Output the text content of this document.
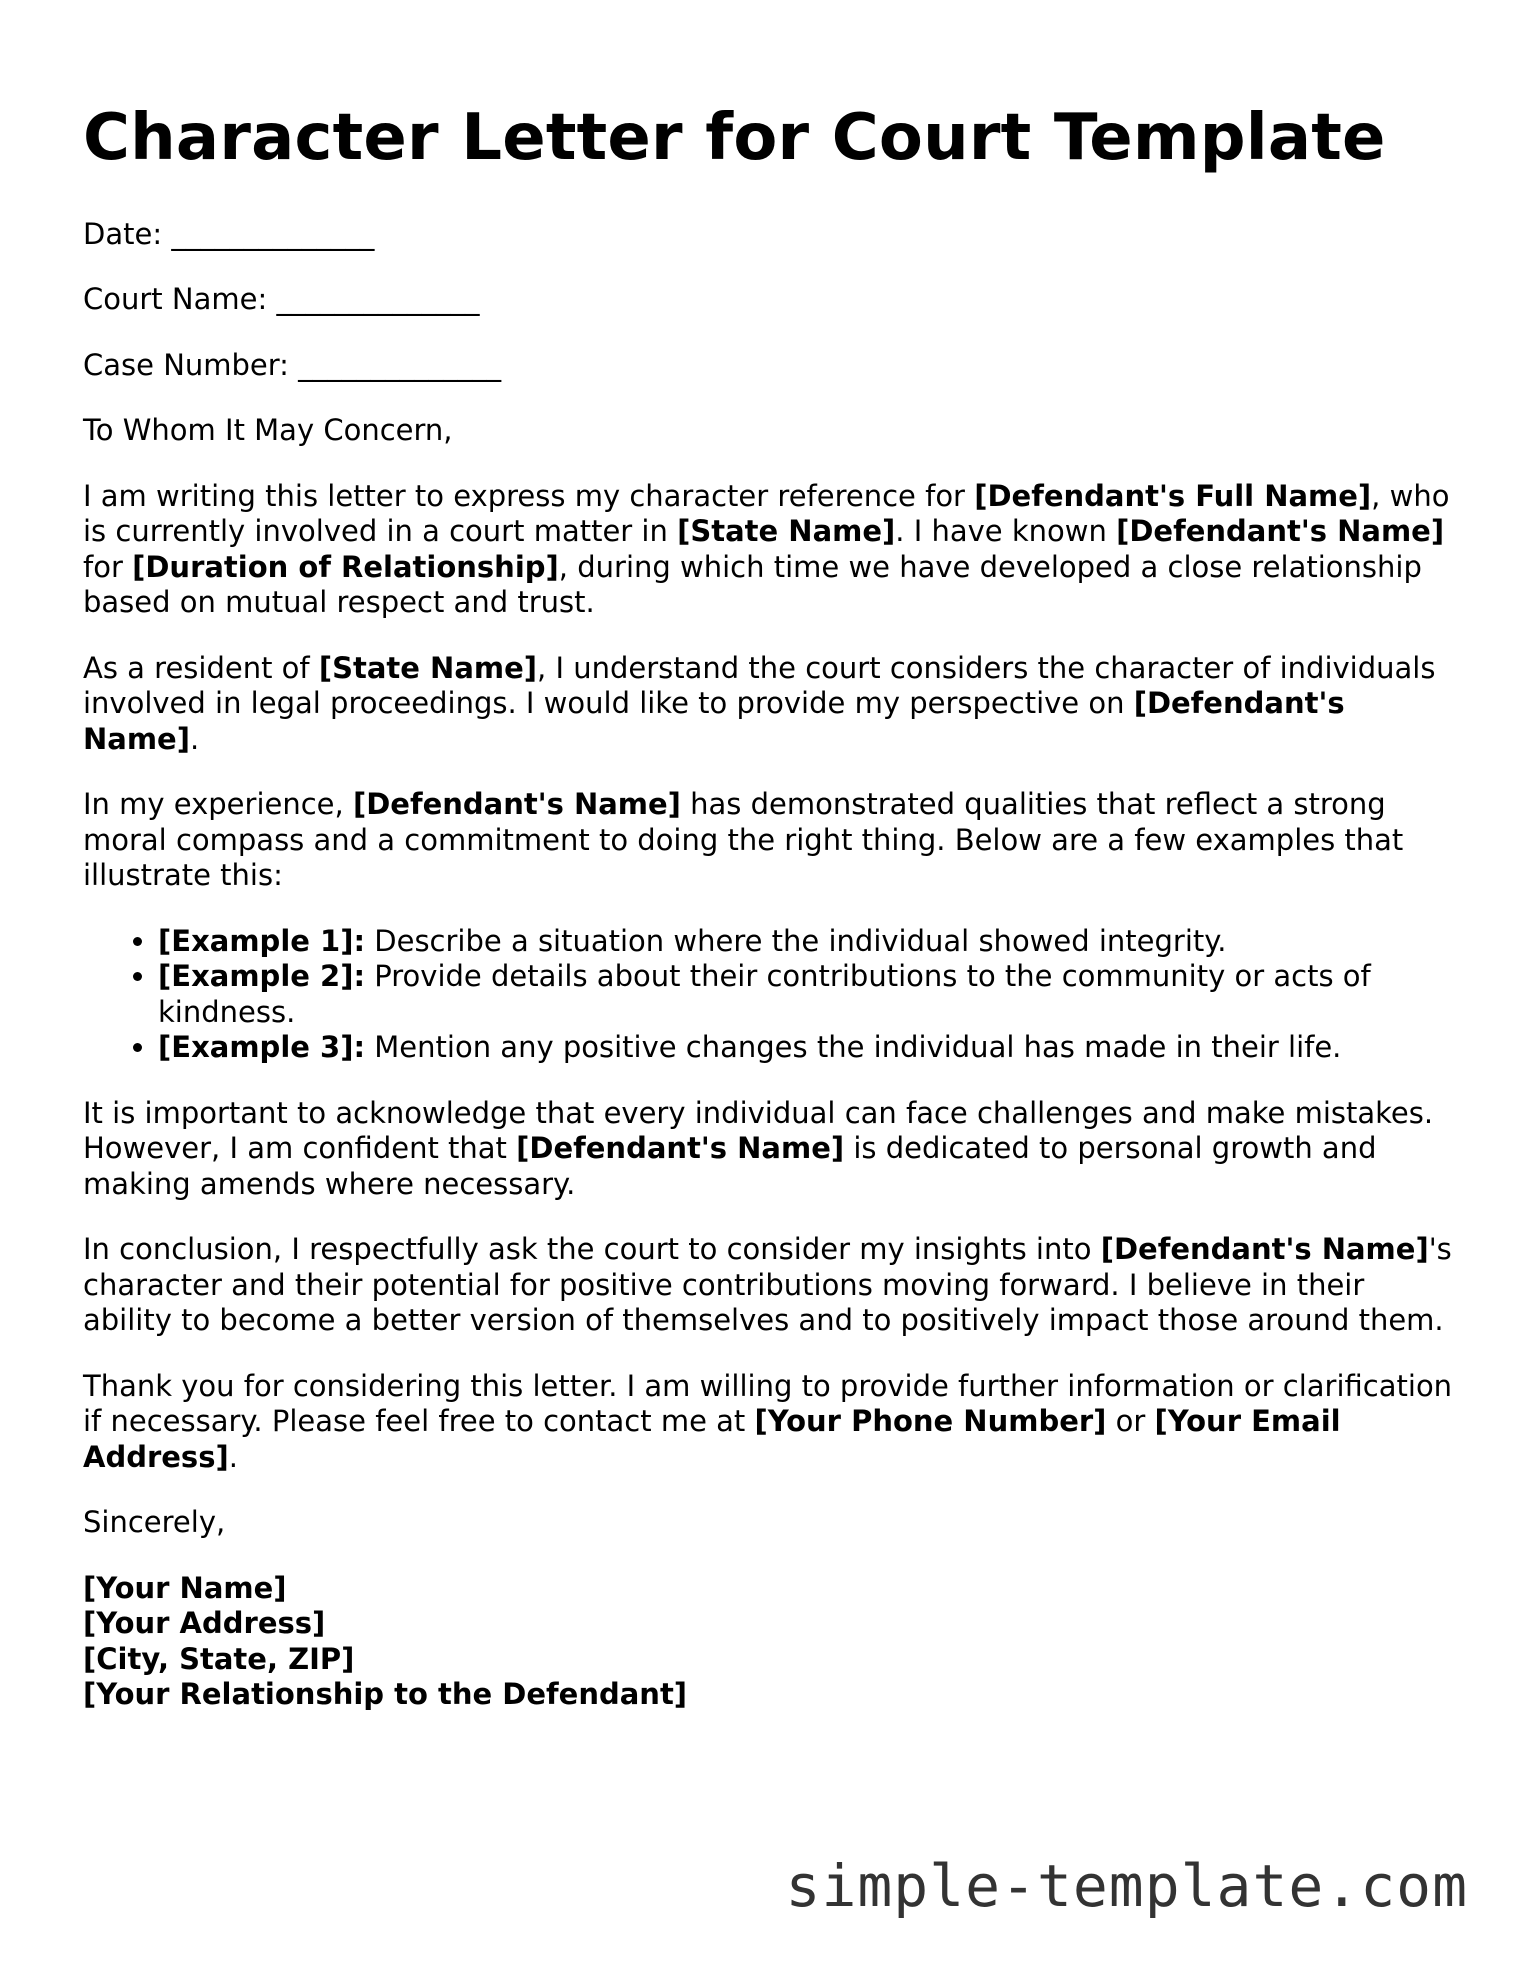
Character Letter for Court Template

Date: ______________

Court Name: ______________

Case Number: ______________

To Whom It May Concern,

I am writing this letter to express my character reference for [Defendant's Full Name], who is currently involved in a court matter in [State Name]. I have known [Defendant's Name] for [Duration of Relationship], during which time we have developed a close relationship based on mutual respect and trust.

As a resident of [State Name], I understand the court considers the character of individuals involved in legal proceedings. I would like to provide my perspective on [Defendant's Name].

In my experience, [Defendant's Name] has demonstrated qualities that reflect a strong moral compass and a commitment to doing the right thing. Below are a few examples that illustrate this:

• [Example 1]: Describe a situation where the individual showed integrity.
• [Example 2]: Provide details about their contributions to the community or acts of kindness.
• [Example 3]: Mention any positive changes the individual has made in their life.

It is important to acknowledge that every individual can face challenges and make mistakes. However, I am confident that [Defendant's Name] is dedicated to personal growth and making amends where necessary.

In conclusion, I respectfully ask the court to consider my insights into [Defendant's Name]'s character and their potential for positive contributions moving forward. I believe in their ability to become a better version of themselves and to positively impact those around them.

Thank you for considering this letter. I am willing to provide further information or clarification if necessary. Please feel free to contact me at [Your Phone Number] or [Your Email Address].

Sincerely,

[Your Name]
[Your Address]
[City, State, ZIP]
[Your Relationship to the Defendant]
simple-template.com
